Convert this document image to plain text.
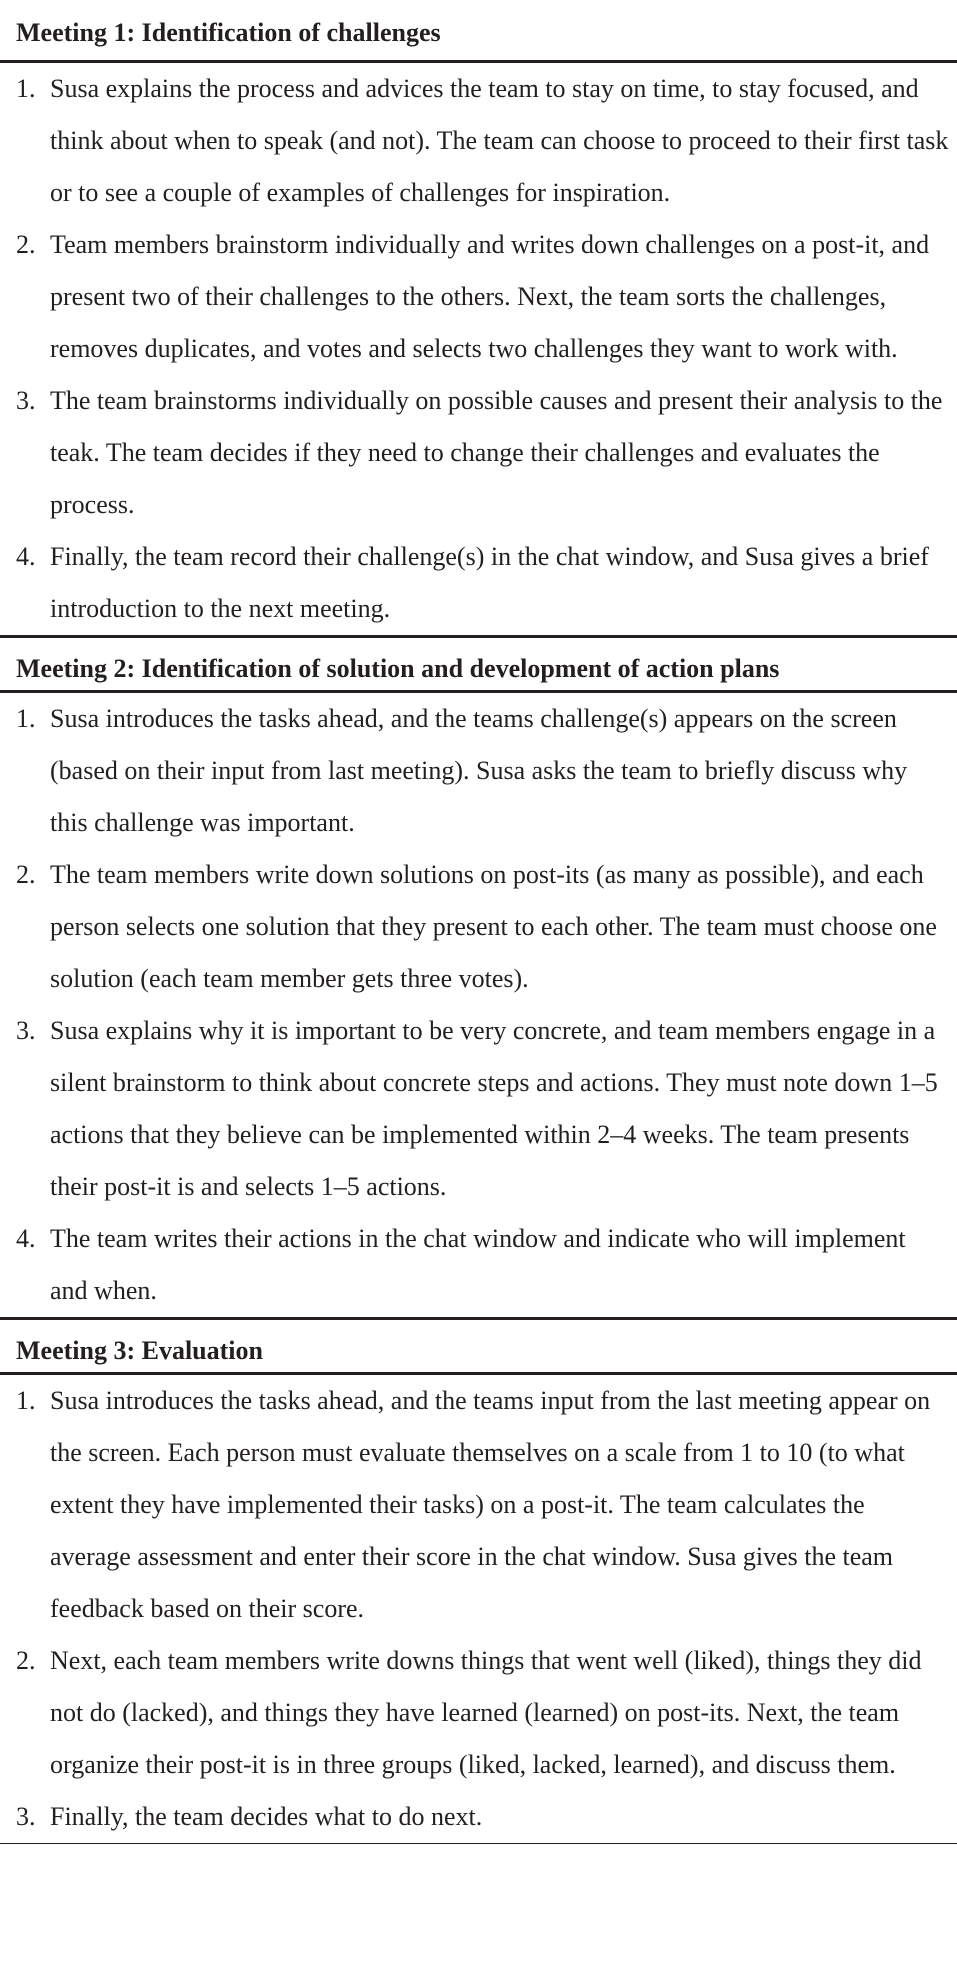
Meeting 1: Identification of challenges
1. Susa explains the process and advices the team to stay on time, to stay focused, and think about when to speak (and not). The team can choose to proceed to their first task or to see a couple of examples of challenges for inspiration.
2. Team members brainstorm individually and writes down challenges on a post-it, and present two of their challenges to the others. Next, the team sorts the challenges, removes duplicates, and votes and selects two challenges they want to work with.
3. The team brainstorms individually on possible causes and present their analysis to the teak. The team decides if they need to change their challenges and evaluates the process.
4. Finally, the team record their challenge(s) in the chat window, and Susa gives a brief introduction to the next meeting.
Meeting 2: Identification of solution and development of action plans
1. Susa introduces the tasks ahead, and the teams challenge(s) appears on the screen (based on their input from last meeting). Susa asks the team to briefly discuss why this challenge was important.
2. The team members write down solutions on post-its (as many as possible), and each person selects one solution that they present to each other. The team must choose one solution (each team member gets three votes).
3. Susa explains why it is important to be very concrete, and team members engage in a silent brainstorm to think about concrete steps and actions. They must note down 1–5 actions that they believe can be implemented within 2–4 weeks. The team presents their post-it is and selects 1–5 actions.
4. The team writes their actions in the chat window and indicate who will implement and when.
Meeting 3: Evaluation
1. Susa introduces the tasks ahead, and the teams input from the last meeting appear on the screen. Each person must evaluate themselves on a scale from 1 to 10 (to what extent they have implemented their tasks) on a post-it. The team calculates the average assessment and enter their score in the chat window. Susa gives the team feedback based on their score.
2. Next, each team members write downs things that went well (liked), things they did not do (lacked), and things they have learned (learned) on post-its. Next, the team organize their post-it is in three groups (liked, lacked, learned), and discuss them.
3. Finally, the team decides what to do next.
